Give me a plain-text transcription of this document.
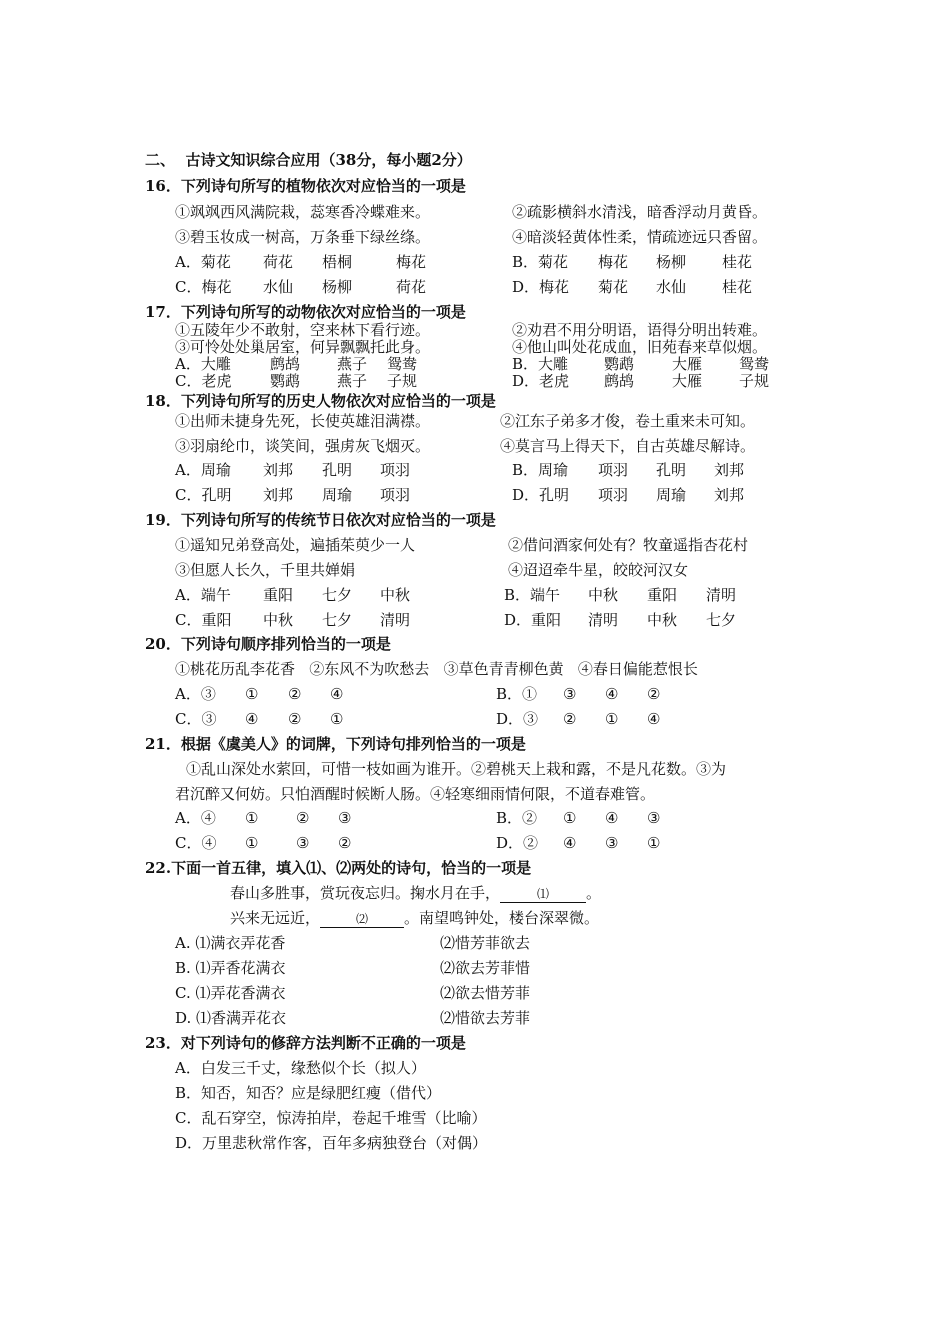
二、  古诗文知识综合应用（38分，每小题2分）
16．下列诗句所写的植物依次对应恰当的一项是
①飒飒西风满院栽，蕊寒香冷蝶难来。	②疏影横斜水清浅，暗香浮动月黄昏。
③碧玉妆成一树高，万条垂下绿丝绦。	④暗淡轻黄体性柔，情疏迹远只香留。
A．菊花 荷花 梧桐	梅花	B．菊花 梅花 杨柳 桂花
C．梅花 水仙 杨柳	荷花	D．梅花 菊花 水仙 桂花
17．下列诗句所写的动物依次对应恰当的一项是
①五陵年少不敢射，空来林下看行迹。	②劝君不用分明语，语得分明出转难。
③可怜处处巢居室，何异飘飘托此身。	④他山叫处花成血，旧苑春来草似烟。
A．大雕	鹧鸪 燕子 鸳鸯	B．大雕 鹦鹉	大雁 鸳鸯
C．老虎	鹦鹉 燕子 子规	D．老虎 鹧鸪	大雁 子规
18．下列诗句所写的历史人物依次对应恰当的一项是
①出师未捷身先死，长使英雄泪满襟。	②江东子弟多才俊，卷土重来未可知。
③羽扇纶巾，谈笑间，强虏灰飞烟灭。	④莫言马上得天下，自古英雄尽解诗。
A．周瑜 刘邦 孔明 项羽	B．周瑜 项羽 孔明 刘邦
C．孔明 刘邦 周瑜 项羽	D．孔明 项羽 周瑜 刘邦
19．下列诗句所写的传统节日依次对应恰当的一项是
①遥知兄弟登高处，遍插茱萸少一人	②借问酒家何处有？牧童遥指杏花村
③但愿人长久，千里共婵娟	④迢迢牵牛星，皎皎河汉女
A．端午 重阳 七夕 中秋	B．端午 中秋 重阳 清明
C．重阳 中秋 七夕 清明	D．重阳 清明 中秋 七夕
20．下列诗句顺序排列恰当的一项是
①桃花历乱李花香   ②东风不为吹愁去   ③草色青青柳色黄   ④春日偏能惹恨长
A．③ ① ② ④	B．① ③ ④ ②
C．③ ④ ② ①	D．③ ② ① ④
21．根据《虞美人》的词牌，下列诗句排列恰当的一项是
①乱山深处水萦回，可惜一枝如画为谁开。②碧桃天上栽和露，不是凡花数。③为
君沉醉又何妨。只怕酒醒时候断人肠。④轻寒细雨情何限，不道春难管。
A．④ ①	② ③	B．② ① ④ ③
C．④ ①	③ ②	D．② ④ ③ ①
22.下面一首五律，填入⑴、⑵两处的诗句，恰当的一项是
春山多胜事，赏玩夜忘归。掬水月在手，	⑴ 。
兴来无远近，	⑵ 。南望鸣钟处，楼台深翠微。
A. ⑴满衣弄花香	⑵惜芳菲欲去
B. ⑴弄香花满衣	⑵欲去芳菲惜
C. ⑴弄花香满衣	⑵欲去惜芳菲
D. ⑴香满弄花衣	⑵惜欲去芳菲
23．对下列诗句的修辞方法判断不正确的一项是
A．白发三千丈，缘愁似个长（拟人）
B．知否，知否？应是绿肥红瘦（借代）
C．乱石穿空，惊涛拍岸，卷起千堆雪（比喻）
D．万里悲秋常作客，百年多病独登台（对偶）
